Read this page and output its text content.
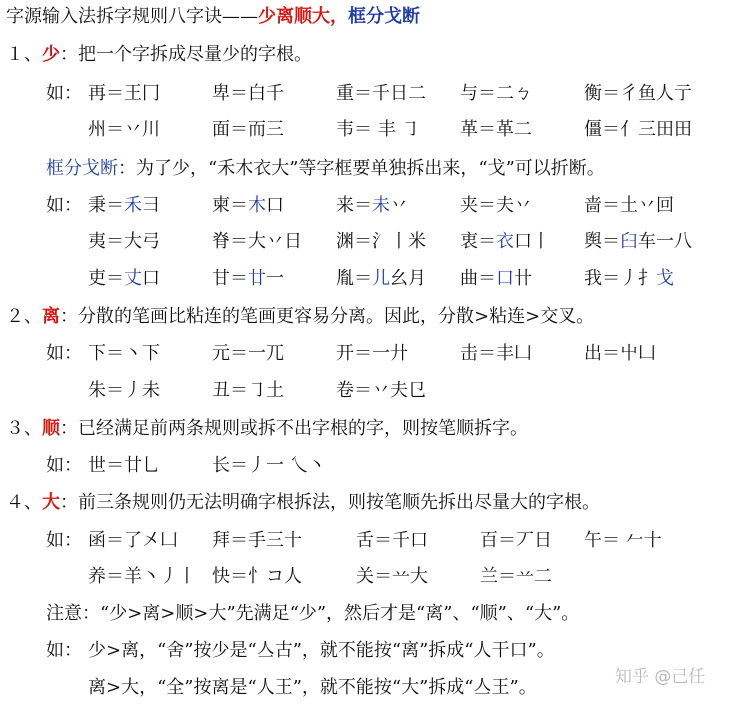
字源输入法拆字规则八字诀——少离顺大，框分戈断
１、少：把一个字拆成尽量少的字根。
如： 再＝王冂	卑＝白千	重＝千日二 与＝二ㄅ	衡＝彳鱼人亍
州＝丷川	面＝而三	韦＝ 丰 ㇆ 革＝革二	僵＝亻三田田
框分戈断：为了少，“禾木衣大”等字框要单独拆出来，“戈”可以折断。
如： 秉＝禾彐	柬＝木口	来＝未丷	夹＝夫丷	啬＝土丷回
夷＝大弓	脊＝大丷日 渊＝氵丨米 衷＝衣口丨 舆＝臼车一八
吏＝丈口	甘＝廿一	胤＝儿幺月 曲＝口卄	我＝丿扌戈
２、离：分散的笔画比粘连的笔画更容易分离。因此，分散>粘连>交叉。
如： 下＝丶下	元＝一兀	开＝一廾	击＝丰凵	出＝屮凵
朱＝丿未	丑＝㇆土	卷＝丷夫㔾
３、顺：已经满足前两条规则或拆不出字根的字，则按笔顺拆字。
如： 世＝廿乚	长＝丿一 乀丶
４、大：前三条规则仍无法明确字根拆法，则按笔顺先拆出尽量大的字根。
如： 函＝了㐅凵 拜＝手三十	舌＝千口	百＝丆日 午＝ 𠂉十
养＝羊丶丿丨 快＝忄コ人	关＝䒑大	兰＝䒑二
注意：“少>离>顺>大”先满足“少”，然后才是“离”、“顺”、“大”。
如： 少>离，“舍”按少是“亼古”，就不能按“离”拆成“人干口”。
离>大，“全”按离是“人王”，就不能按“大”拆成“亼王”。	知乎 @己任
